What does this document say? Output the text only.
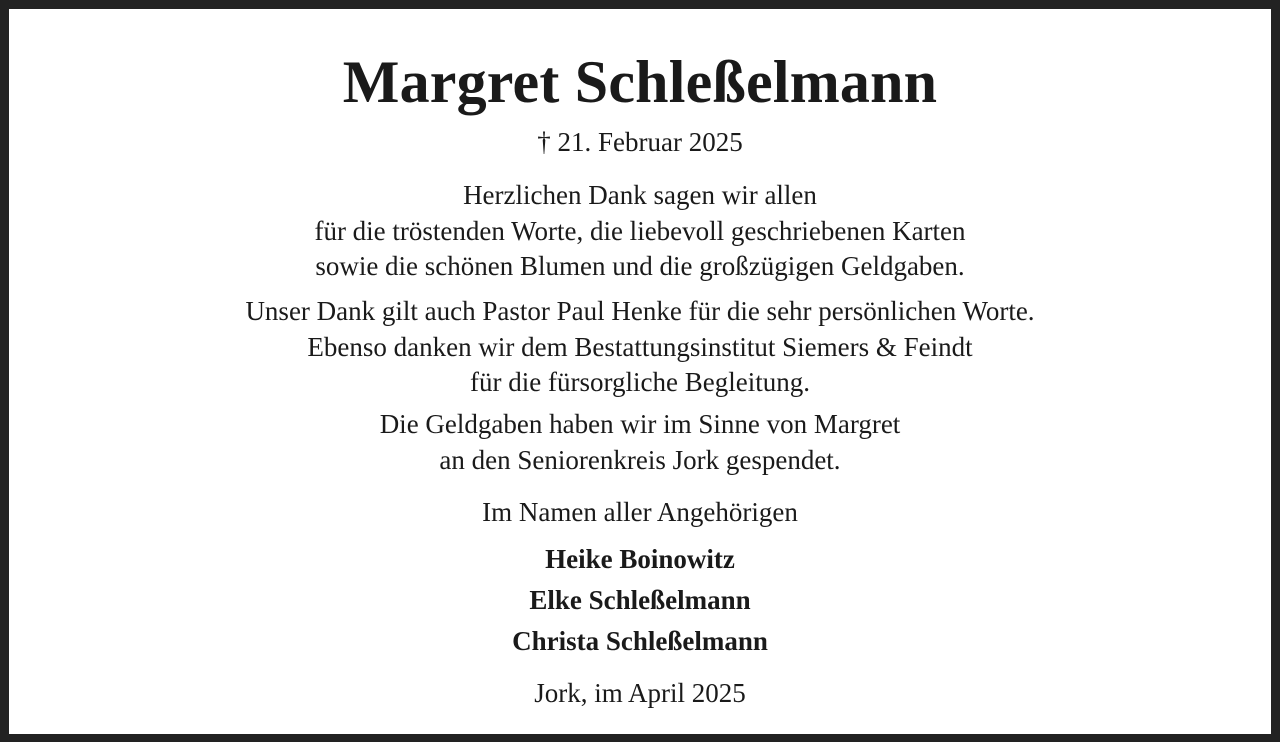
Margret Schleßelmann
† 21. Februar 2025
Herzlichen Dank sagen wir allen
für die tröstenden Worte, die liebevoll geschriebenen Karten
sowie die schönen Blumen und die großzügigen Geldgaben.
Unser Dank gilt auch Pastor Paul Henke für die sehr persönlichen Worte.
Ebenso danken wir dem Bestattungsinstitut Siemers & Feindt
für die fürsorgliche Begleitung.
Die Geldgaben haben wir im Sinne von Margret
an den Seniorenkreis Jork gespendet.
Im Namen aller Angehörigen
Heike Boinowitz
Elke Schleßelmann
Christa Schleßelmann
Jork, im April 2025
